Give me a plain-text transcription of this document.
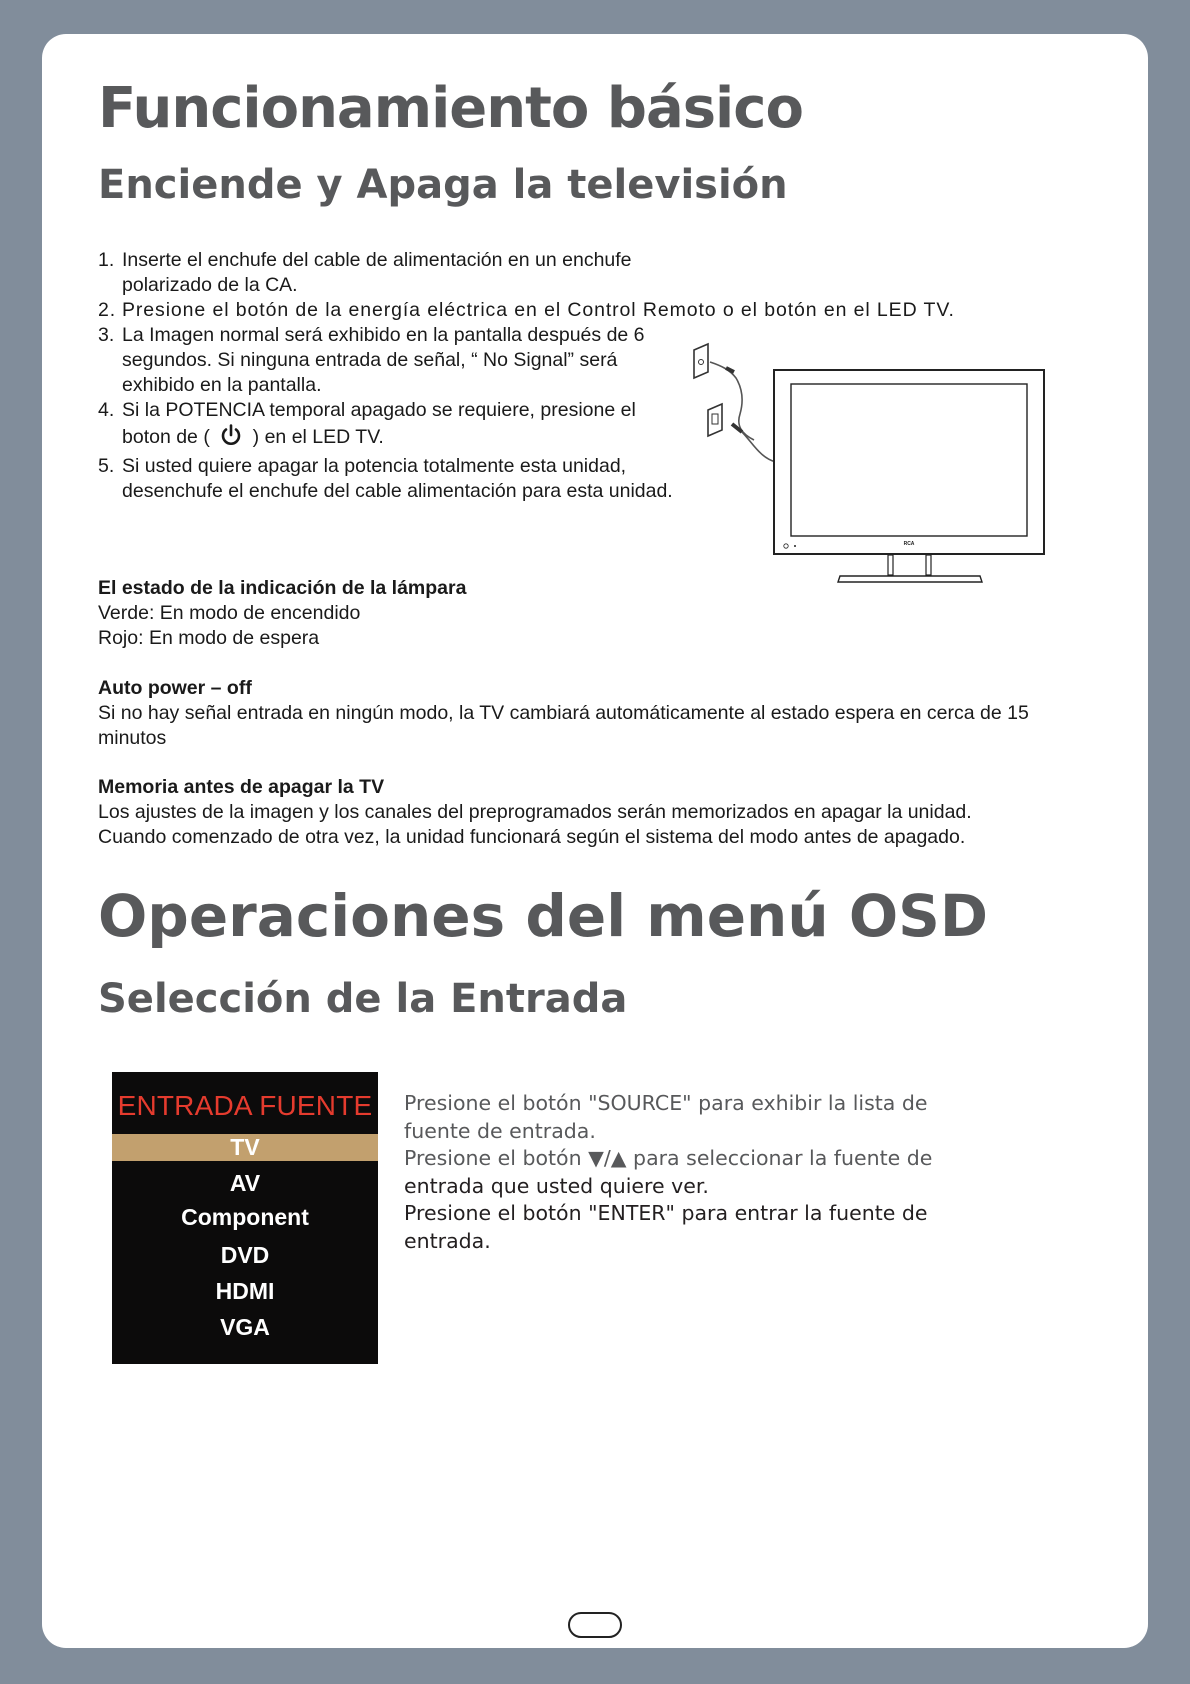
Funcionamiento básico
Enciende y Apaga la televisión
1. Inserte el enchufe del cable de alimentación en un enchufe
polarizado de la CA.
2. Presione el botón de la energía eléctrica en el Control Remoto o el botón en el LED TV.
3. La Imagen normal será exhibido en la pantalla después de 6
segundos. Si ninguna entrada de señal, “ No Signal” será
exhibido en la pantalla.
4. Si la POTENCIA temporal apagado se requiere, presione el
boton de ( ) en el LED TV.
5. Si usted quiere apagar la potencia totalmente esta unidad,
desenchufe el enchufe del cable alimentación para esta unidad.
RCA
El estado de la indicación de la lámpara
Verde: En modo de encendido
Rojo: En modo de espera
Auto power – off
Si no hay señal entrada en ningún modo, la TV cambiará automáticamente al estado espera en cerca de 15
minutos
Memoria antes de apagar la TV
Los ajustes de la imagen y los canales del preprogramados serán memorizados en apagar la unidad.
Cuando comenzado de otra vez, la unidad funcionará según el sistema del modo antes de apagado.
Operaciones del menú OSD
Selección de la Entrada
ENTRADA FUENTE
TV
AV
Component
DVD
HDMI
VGA
Presione el botón "SOURCE" para exhibir la lista de
fuente de entrada.
Presione el botón ▼/▲ para seleccionar la fuente de
entrada que usted quiere ver.
Presione el botón "ENTER" para entrar la fuente de
entrada.
